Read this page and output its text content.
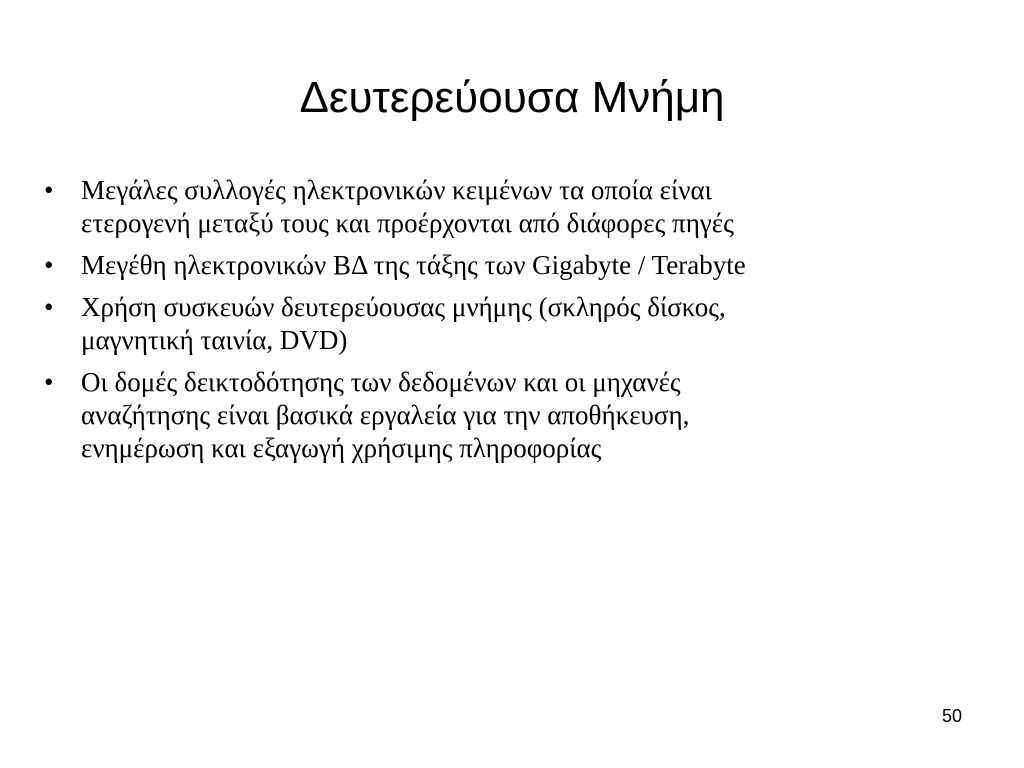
Δευτερεύουσα Μνήμη
•	Μεγάλες συλλογές ηλεκτρονικών κειμένων τα οποία είναι
ετερογενή μεταξύ τους και προέρχονται από διάφορες πηγές
•	Μεγέθη ηλεκτρονικών ΒΔ της τάξης των Gigabyte / Terabyte
•	Χρήση συσκευών δευτερεύουσας μνήμης (σκληρός δίσκος,
μαγνητική ταινία, DVD)
•	Οι δομές δεικτοδότησης των δεδομένων και οι μηχανές
αναζήτησης είναι βασικά εργαλεία για την αποθήκευση,
ενημέρωση και εξαγωγή χρήσιμης πληροφορίας
50
